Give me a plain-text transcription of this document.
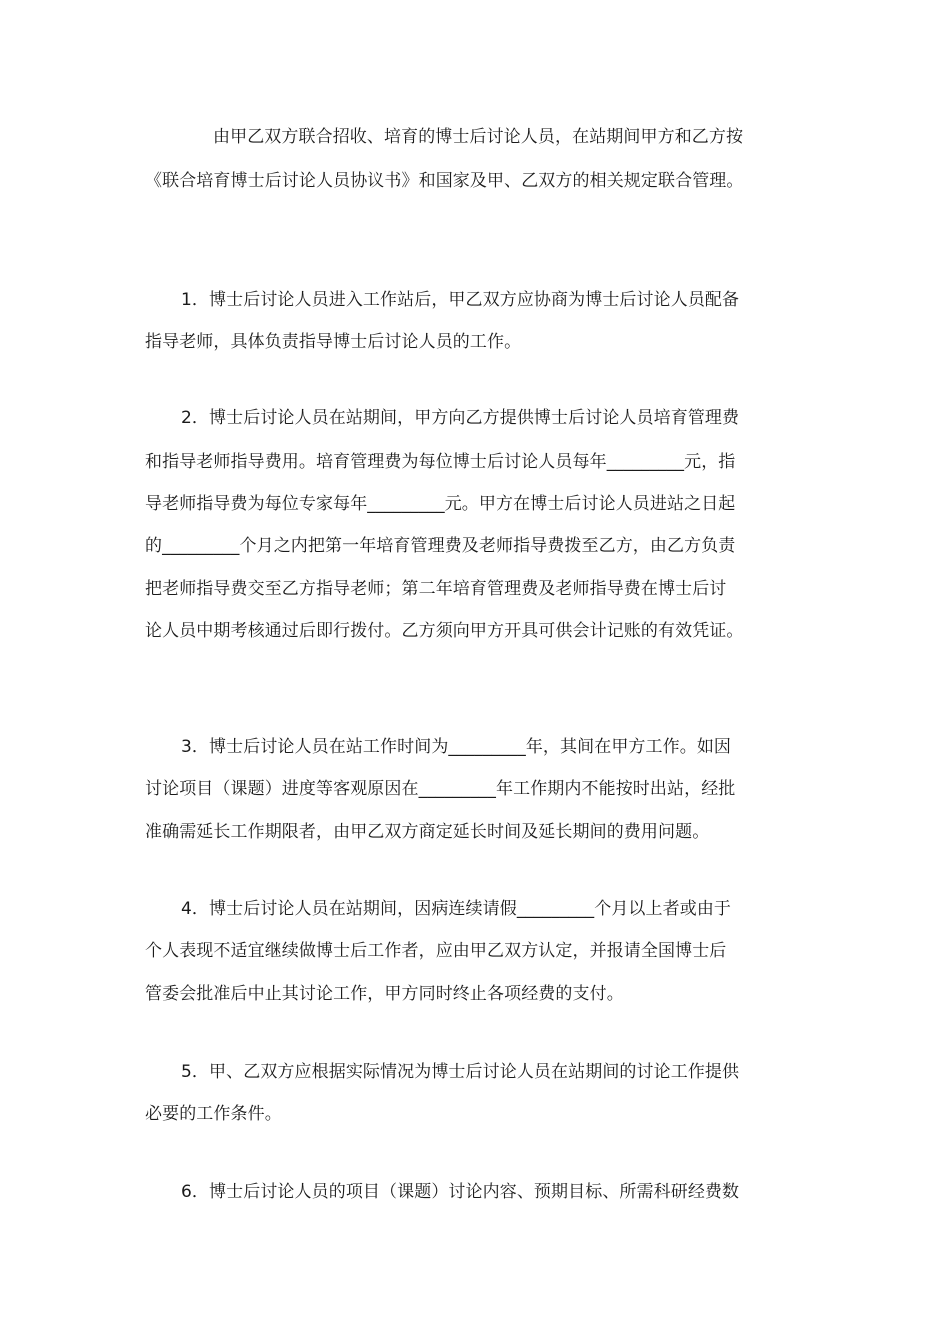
由甲乙双方联合招收、培育的博士后讨论人员，在站期间甲方和乙方按
《联合培育博士后讨论人员协议书》和国家及甲、乙双方的相关规定联合管理。
1．博士后讨论人员进入工作站后，甲乙双方应协商为博士后讨论人员配备
指导老师，具体负责指导博士后讨论人员的工作。
2．博士后讨论人员在站期间，甲方向乙方提供博士后讨论人员培育管理费
和指导老师指导费用。培育管理费为每位博士后讨论人员每年_________元，指
导老师指导费为每位专家每年_________元。甲方在博士后讨论人员进站之日起
的_________个月之内把第一年培育管理费及老师指导费拨至乙方，由乙方负责
把老师指导费交至乙方指导老师；第二年培育管理费及老师指导费在博士后讨
论人员中期考核通过后即行拨付。乙方须向甲方开具可供会计记账的有效凭证。
3．博士后讨论人员在站工作时间为_________年，其间在甲方工作。如因
讨论项目（课题）进度等客观原因在_________年工作期内不能按时出站，经批
准确需延长工作期限者，由甲乙双方商定延长时间及延长期间的费用问题。
4．博士后讨论人员在站期间，因病连续请假_________个月以上者或由于
个人表现不适宜继续做博士后工作者，应由甲乙双方认定，并报请全国博士后
管委会批准后中止其讨论工作，甲方同时终止各项经费的支付。
5．甲、乙双方应根据实际情况为博士后讨论人员在站期间的讨论工作提供
必要的工作条件。
6．博士后讨论人员的项目（课题）讨论内容、预期目标、所需科研经费数
